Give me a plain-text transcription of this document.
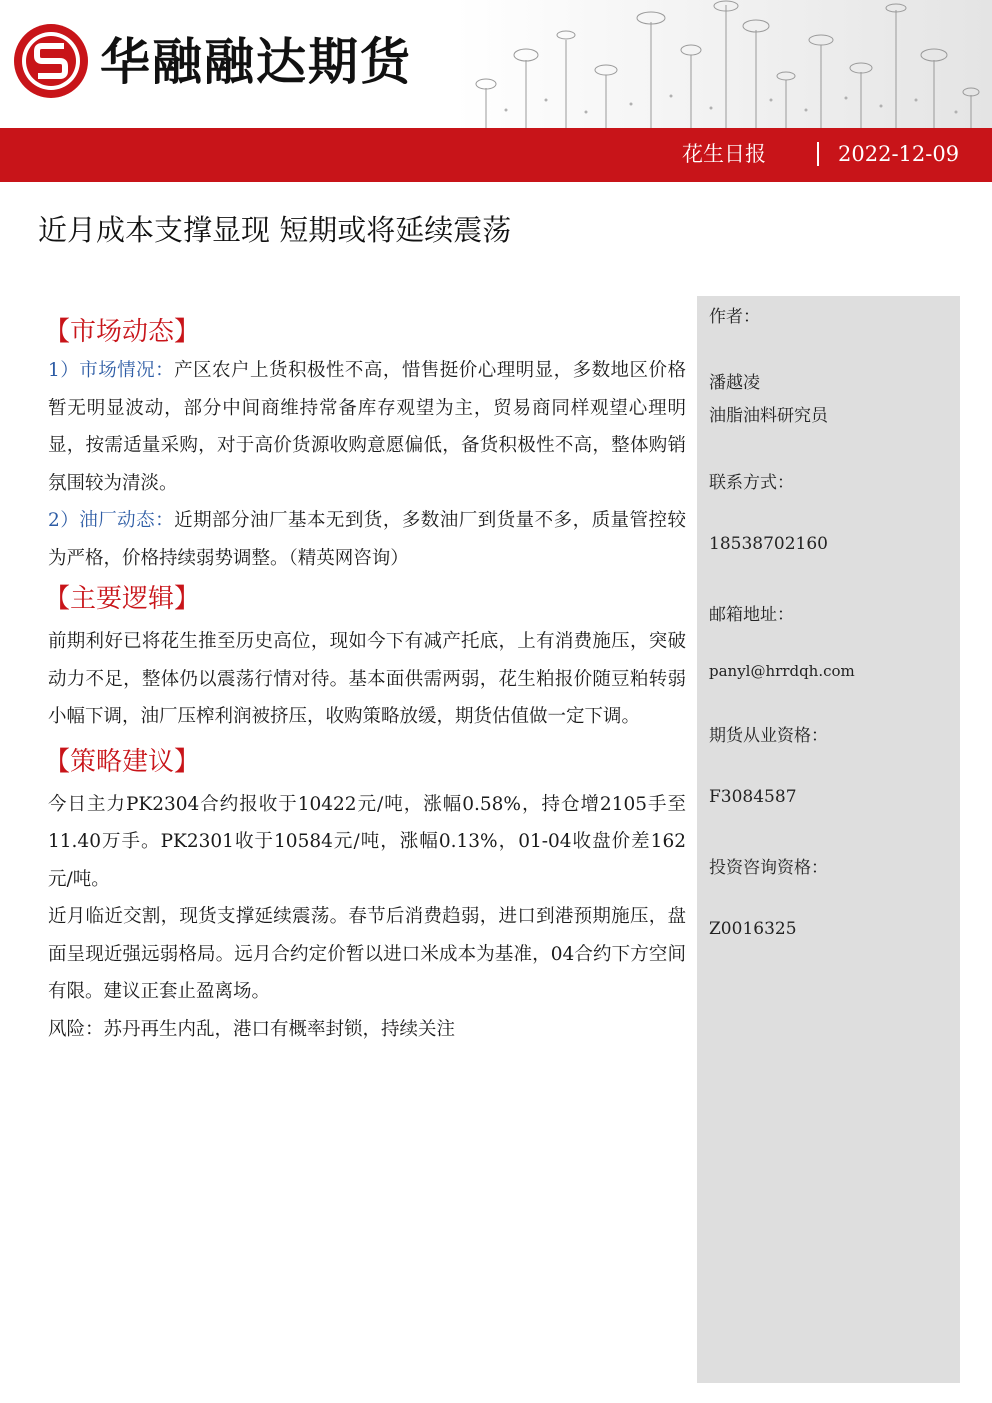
华融融达期货
花生日报	2022-12-09
近月成本支撑显现 短期或将延续震荡
作者：
潘越凌
油脂油料研究员
联系方式：
18538702160
邮箱地址：
panyl@hrrdqh.com
期货从业资格：
F3084587
投资咨询资格：
Z0016325
【市场动态】

1）市场情况：产区农户上货积极性不高，惜售挺价心理明显，多数地区价格暂无明显波动，部分中间商维持常备库存观望为主，贸易商同样观望心理明显，按需适量采购，对于高价货源收购意愿偏低，备货积极性不高，整体购销氛围较为清淡。

2）油厂动态：近期部分油厂基本无到货，多数油厂到货量不多，质量管控较为严格，价格持续弱势调整。（精英网咨询）

【主要逻辑】

前期利好已将花生推至历史高位，现如今下有减产托底，上有消费施压，突破动力不足，整体仍以震荡行情对待。基本面供需两弱，花生粕报价随豆粕转弱小幅下调，油厂压榨利润被挤压，收购策略放缓，期货估值做一定下调。

【策略建议】

今日主力PK2304合约报收于10422元/吨，涨幅0.58%，持仓增2105手至11.40万手。PK2301收于10584元/吨，涨幅0.13%，01-04收盘价差162元/吨。

近月临近交割，现货支撑延续震荡。春节后消费趋弱，进口到港预期施压，盘面呈现近强远弱格局。远月合约定价暂以进口米成本为基准，04合约下方空间有限。建议正套止盈离场。

风险：苏丹再生内乱，港口有概率封锁，持续关注
